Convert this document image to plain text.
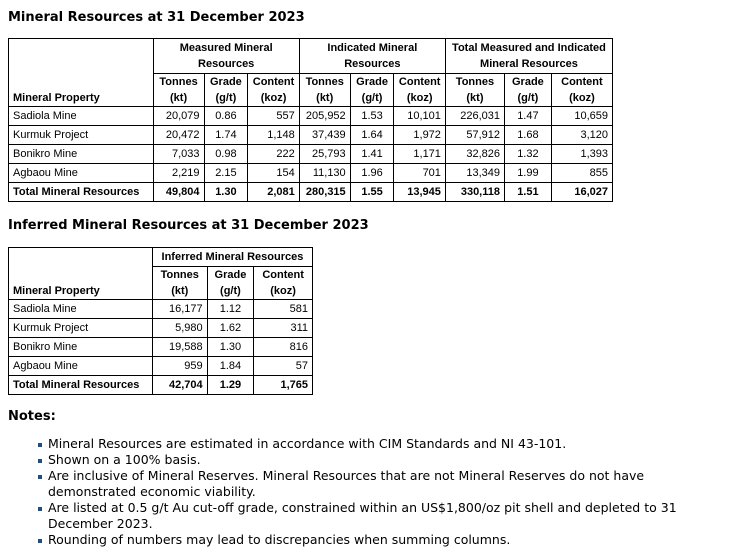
Mineral Resources at 31 December 2023
Mineral Property	Measured Mineral Resources			Indicated Mineral Resources			Total Measured and Indicated Mineral Resources		
	Tonnes (kt)	Grade (g/t)	Content (koz)	Tonnes (kt)	Grade (g/t)	Content (koz)	Tonnes (kt)	Grade (g/t)	Content (koz)
Sadiola Mine	20,079	0.86	557	205,952	1.53	10,101	226,031	1.47	10,659
Kurmuk Project	20,472	1.74	1,148	37,439	1.64	1,972	57,912	1.68	3,120
Bonikro Mine	7,033	0.98	222	25,793	1.41	1,171	32,826	1.32	1,393
Agbaou Mine	2,219	2.15	154	11,130	1.96	701	13,349	1.99	855
Total Mineral Resources	49,804	1.30	2,081	280,315	1.55	13,945	330,118	1.51	16,027
Inferred Mineral Resources at 31 December 2023
Mineral Property	Inferred Mineral Resources		
	Tonnes (kt)	Grade (g/t)	Content (koz)
Sadiola Mine	16,177	1.12	581
Kurmuk Project	5,980	1.62	311
Bonikro Mine	19,588	1.30	816
Agbaou Mine	959	1.84	57
Total Mineral Resources	42,704	1.29	1,765
Notes:
Mineral Resources are estimated in accordance with CIM Standards and NI 43-101.
Shown on a 100% basis.
Are inclusive of Mineral Reserves. Mineral Resources that are not Mineral Reserves do not have demonstrated economic viability.
Are listed at 0.5 g/t Au cut-off grade, constrained within an US$1,800/oz pit shell and depleted to 31 December 2023.
Rounding of numbers may lead to discrepancies when summing columns.
